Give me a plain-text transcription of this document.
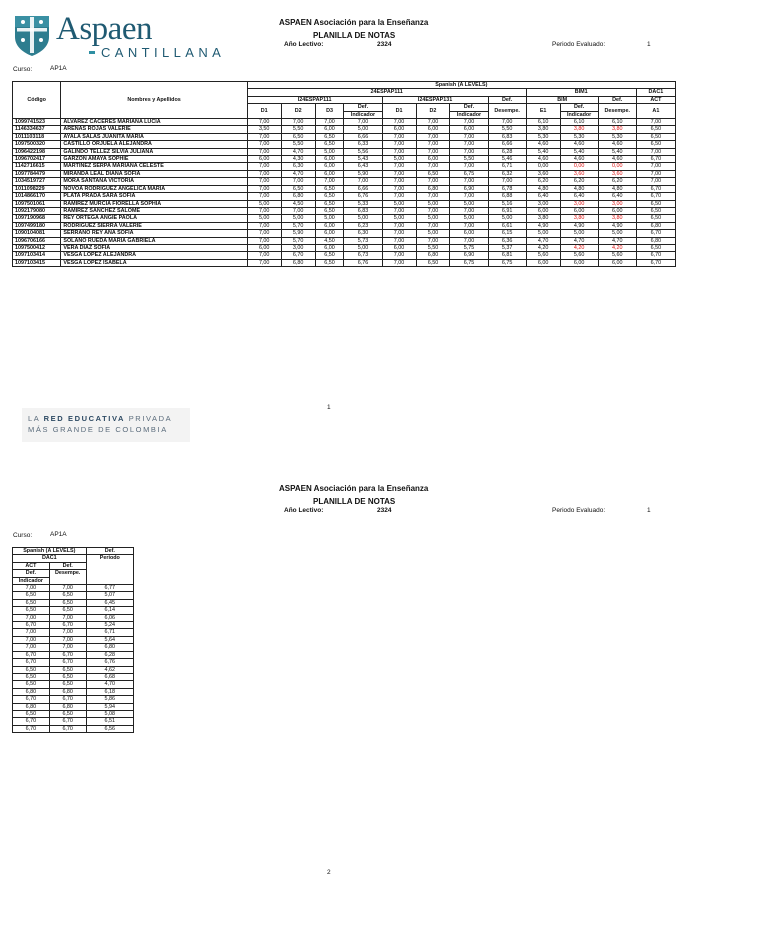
Aspaen
CANTILLANA
ASPAEN Asociación para la Enseñanza
PLANILLA DE NOTAS
Año Lectivo:	2324	Periodo Evaluado:	1
Curso:	AP1A
Código	Nombres y Apellidos	Spanish (A LEVELS)											
		24ESPAP111								BIM1			DAC1
		I24ESPAP111				I24ESPAP131			Def.	BIM		Def.	ACT
		D1	D2	D3	Def.	D1	D2	Def.	Desempe.	E1	Def.	Desempe.	A1
					Indicador			Indicador			Indicador		
1099741523	ALVAREZ CACERES MARIANA LUCIA	7,00	7,00	7,00	7,00	7,00	7,00	7,00	7,00	6,10	6,10	6,10	7,00
1146334637	ARENAS ROJAS VALERIE	3,50	5,50	6,00	5,00	6,00	6,00	6,00	5,50	3,80	3,80	3,80	6,50
1011103118	AYALA SALAS JUANITA MARIA	7,00	6,50	6,50	6,66	7,00	7,00	7,00	6,83	5,30	5,30	5,30	6,50
1097500320	CASTILLO ORJUELA ALEJANDRA	7,00	5,50	6,50	6,33	7,00	7,00	7,00	6,66	4,60	4,60	4,60	6,50
1096422198	GALINDO TELLEZ SILVIA JULIANA	7,00	4,70	5,00	5,56	7,00	7,00	7,00	6,28	5,40	5,40	5,40	7,00
1096702417	GARZON AMAYA SOPHIE	6,00	4,30	6,00	5,43	5,00	6,00	5,50	5,46	4,60	4,60	4,60	6,70
1142716615	MARTINEZ SERPA MARIANA CELESTE	7,00	6,30	6,00	6,43	7,00	7,00	7,00	6,71	0,00	0,00	0,00	7,00
1097784479	MIRANDA LEAL DIANA SOFIA	7,00	4,70	6,00	5,90	7,00	6,50	6,75	6,32	3,60	3,60	3,60	7,00
1034519727	MORA SANTANA VICTORIA	7,00	7,00	7,00	7,00	7,00	7,00	7,00	7,00	6,20	6,20	6,20	7,00
1011098229	NOVOA RODRIGUEZ ANGELICA MARIA	7,00	6,50	6,50	6,66	7,00	6,80	6,90	6,78	4,80	4,80	4,80	6,70
1014866170	PLATA PRADA SARA SOFIA	7,00	6,80	6,50	6,76	7,00	7,00	7,00	6,88	6,40	6,40	6,40	6,70
1097501061	RAMIREZ MURCIA FIORELLA SOPHIA	5,00	4,50	6,50	5,33	5,00	5,00	5,00	5,16	3,00	3,00	3,00	6,50
1092179080	RAMIREZ SANCHEZ SALOME	7,00	7,00	6,50	6,83	7,00	7,00	7,00	6,91	6,00	6,00	6,00	6,50
1097190968	REY ORTEGA ANGIE PAOLA	5,00	5,00	5,00	5,00	5,00	5,00	5,00	5,00	3,80	3,80	3,80	6,50
1097499180	RODRIGUEZ SIERRA VALERIE	7,00	5,70	6,00	6,23	7,00	7,00	7,00	6,61	4,90	4,90	4,90	6,80
1090104081	SERRANO REY ANA SOFIA	7,00	5,90	6,00	6,30	7,00	5,00	6,00	6,15	5,00	5,00	5,00	6,70
1096706166	SOLANO RUEDA MARIA GABRIELA	7,00	5,70	4,50	5,73	7,00	7,00	7,00	6,36	4,70	4,70	4,70	6,80
1097500412	VERA DIAZ SOFIA	6,00	3,00	6,00	5,00	6,00	5,50	5,75	5,37	4,20	4,20	4,20	6,50
1097103414	VESGA LOPEZ ALEJANDRA	7,00	6,70	6,50	6,73	7,00	6,80	6,90	6,81	5,60	5,60	5,60	6,70
1097103415	VESGA LOPEZ ISABELA	7,00	6,80	6,50	6,76	7,00	6,50	6,75	6,75	6,00	6,00	6,00	6,70
1
LA RED EDUCATIVA PRIVADA
MÁS GRANDE DE COLOMBIA
ASPAEN Asociación para la Enseñanza
PLANILLA DE NOTAS
Año Lectivo:	2324	Periodo Evaluado:	1
Curso:	AP1A
Spanish (A LEVELS)		Def.
DAC1		Periodo
ACT	Def.	
Def.	Desempe.	
Indicador		
7,00	7,00	6,77
6,50	6,50	5,07
6,50	6,50	6,45
6,50	6,50	6,14
7,00	7,00	6,06
6,70	6,70	5,24
7,00	7,00	6,71
7,00	7,00	5,64
7,00	7,00	6,80
6,70	6,70	6,28
6,70	6,70	6,76
6,50	6,50	4,62
6,50	6,50	6,68
6,50	6,50	4,70
6,80	6,80	6,18
6,70	6,70	5,86
6,80	6,80	5,94
6,50	6,50	5,08
6,70	6,70	6,51
6,70	6,70	6,56
2
